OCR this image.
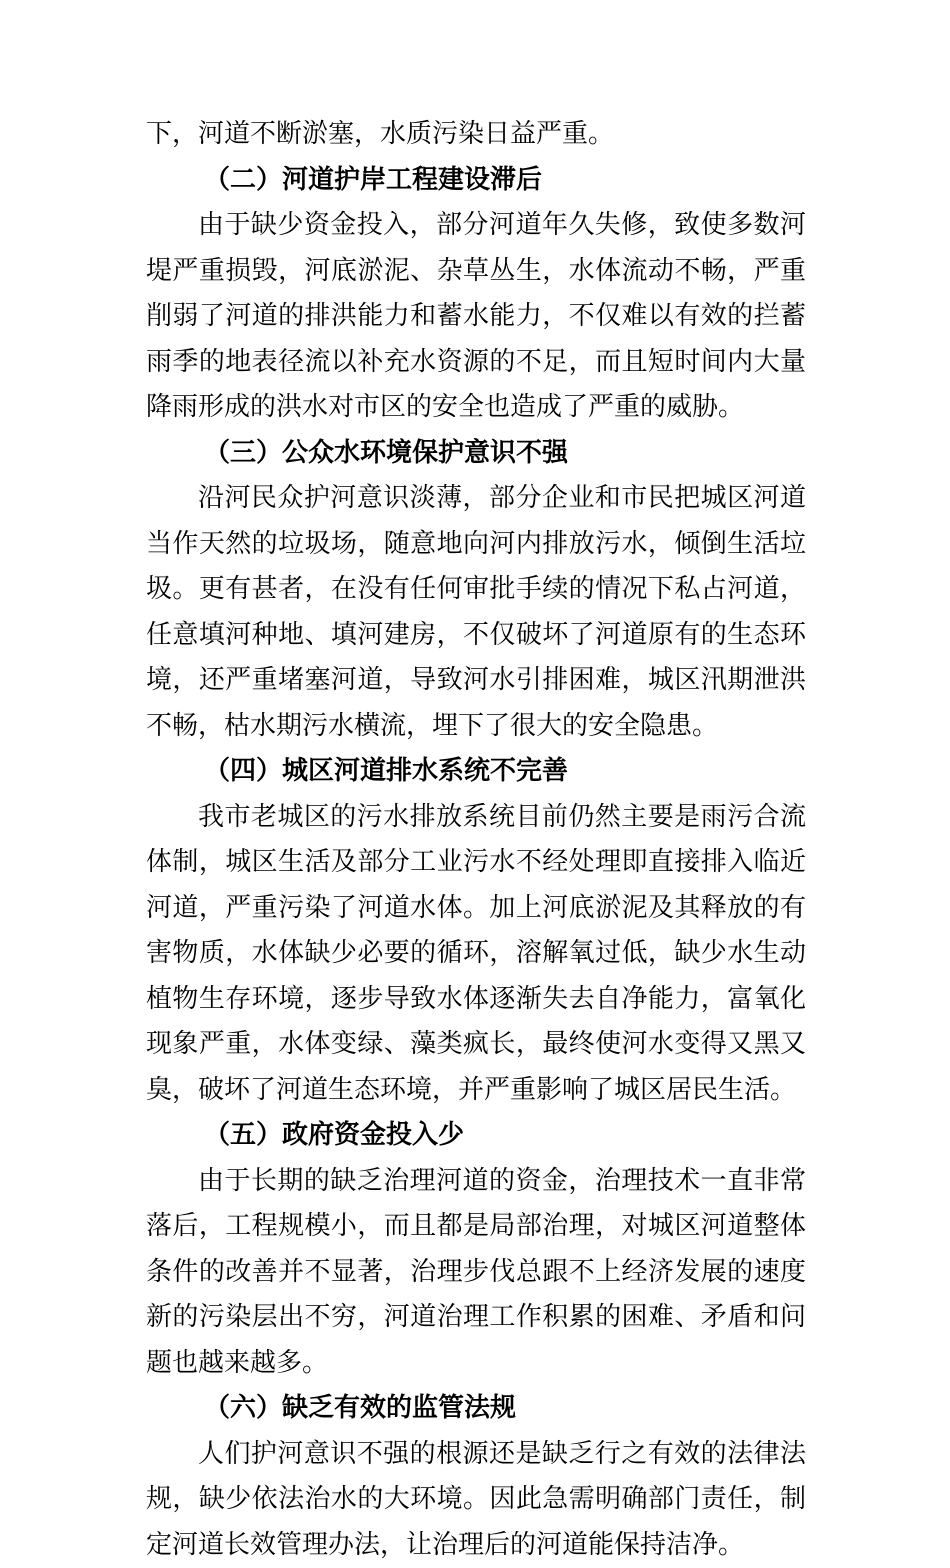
下，河道不断淤塞，水质污染日益严重。
（二）河道护岸工程建设滞后
由于缺少资金投入，部分河道年久失修，致使多数河
堤严重损毁，河底淤泥、杂草丛生，水体流动不畅，严重
削弱了河道的排洪能力和蓄水能力，不仅难以有效的拦蓄
雨季的地表径流以补充水资源的不足，而且短时间内大量
降雨形成的洪水对市区的安全也造成了严重的威胁。
（三）公众水环境保护意识不强
沿河民众护河意识淡薄，部分企业和市民把城区河道
当作天然的垃圾场，随意地向河内排放污水，倾倒生活垃
圾。更有甚者，在没有任何审批手续的情况下私占河道，
任意填河种地、填河建房，不仅破坏了河道原有的生态环
境，还严重堵塞河道，导致河水引排困难，城区汛期泄洪
不畅，枯水期污水横流，埋下了很大的安全隐患。
（四）城区河道排水系统不完善
我市老城区的污水排放系统目前仍然主要是雨污合流
体制，城区生活及部分工业污水不经处理即直接排入临近
河道，严重污染了河道水体。加上河底淤泥及其释放的有
害物质，水体缺少必要的循环，溶解氧过低，缺少水生动
植物生存环境，逐步导致水体逐渐失去自净能力，富氧化
现象严重，水体变绿、藻类疯长，最终使河水变得又黑又
臭，破坏了河道生态环境，并严重影响了城区居民生活。
（五）政府资金投入少
由于长期的缺乏治理河道的资金，治理技术一直非常
落后，工程规模小，而且都是局部治理，对城区河道整体
条件的改善并不显著，治理步伐总跟不上经济发展的速度
新的污染层出不穷，河道治理工作积累的困难、矛盾和问
题也越来越多。
（六）缺乏有效的监管法规
人们护河意识不强的根源还是缺乏行之有效的法律法
规，缺少依法治水的大环境。因此急需明确部门责任，制
定河道长效管理办法，让治理后的河道能保持洁净。
